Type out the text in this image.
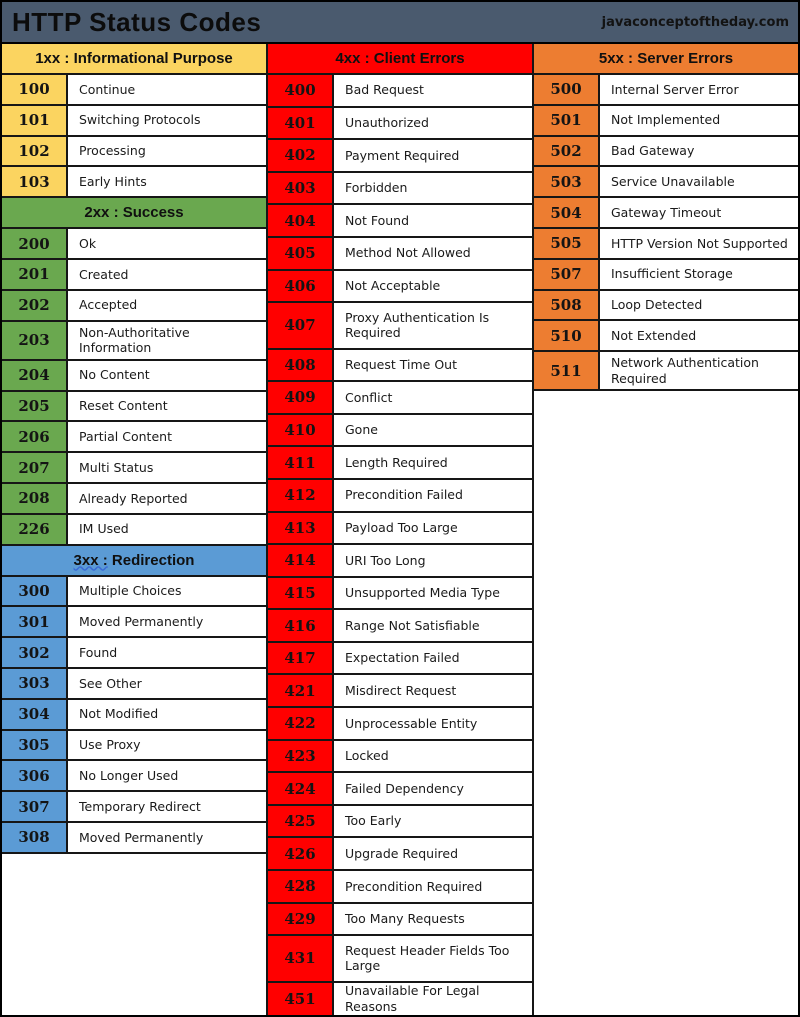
HTTP Status Codes	javaconceptoftheday.com
1xx : Informational Purpose
100	Continue
101	Switching Protocols
102	Processing
103	Early Hints
2xx : Success
200	Ok
201	Created
202	Accepted
203	Non-Authoritative Information
204	No Content
205	Reset Content
206	Partial Content
207	Multi Status
208	Already Reported
226	IM Used
3xx : Redirection
300	Multiple Choices
301	Moved Permanently
302	Found
303	See Other
304	Not Modified
305	Use Proxy
306	No Longer Used
307	Temporary Redirect
308	Moved Permanently
4xx : Client Errors
400	Bad Request
401	Unauthorized
402	Payment Required
403	Forbidden
404	Not Found
405	Method Not Allowed
406	Not Acceptable
407	Proxy Authentication Is Required
408	Request Time Out
409	Conflict
410	Gone
411	Length Required
412	Precondition Failed
413	Payload Too Large
414	URI Too Long
415	Unsupported Media Type
416	Range Not Satisfiable
417	Expectation Failed
421	Misdirect Request
422	Unprocessable Entity
423	Locked
424	Failed Dependency
425	Too Early
426	Upgrade Required
428	Precondition Required
429	Too Many Requests
431	Request Header Fields Too Large
451	Unavailable For Legal Reasons
5xx : Server Errors
500	Internal Server Error
501	Not Implemented
502	Bad Gateway
503	Service Unavailable
504	Gateway Timeout
505	HTTP Version Not Supported
507	Insufficient Storage
508	Loop Detected
510	Not Extended
511	Network Authentication Required
